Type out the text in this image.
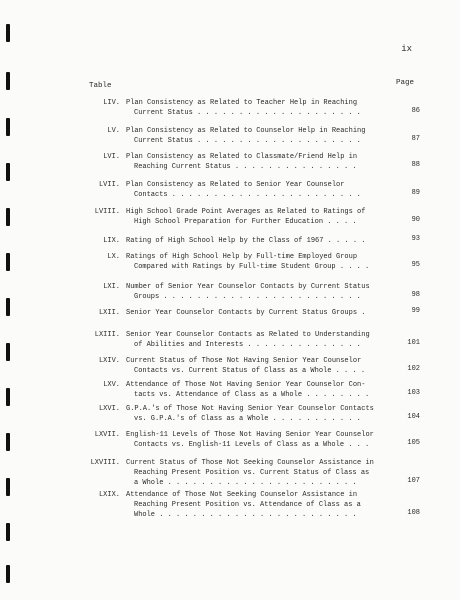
ix
Table	Page
LIV. Plan Consistency as Related to Teacher Help in Reaching
Current Status . . . . . . . . . . . . . . . . . . . .	86
LV. Plan Consistency as Related to Counselor Help in Reaching
Current Status . . . . . . . . . . . . . . . . . . . .	87
LVI. Plan Consistency as Related to Classmate/Friend Help in
Reaching Current Status . . . . . . . . . . . . . . .	88
LVII. Plan Consistency as Related to Senior Year Counselor
Contacts . . . . . . . . . . . . . . . . . . . . . . .	89
LVIII. High School Grade Point Averages as Related to Ratings of
High School Preparation for Further Education . . . .	90
LIX. Rating of High School Help by the Class of 1967 . . . . .	93
LX. Ratings of High School Help by Full-time Employed Group
Compared with Ratings by Full-time Student Group . . . .	95
LXI. Number of Senior Year Counselor Contacts by Current Status
Groups . . . . . . . . . . . . . . . . . . . . . . . .	98
LXII. Senior Year Counselor Contacts by Current Status Groups .	99
LXIII. Senior Year Counselor Contacts as Related to Understanding
of Abilities and Interests . . . . . . . . . . . . . .	101
LXIV. Current Status of Those Not Having Senior Year Counselor
Contacts vs. Current Status of Class as a Whole . . . .	102
LXV. Attendance of Those Not Having Senior Year Counselor Con-
tacts vs. Attendance of Class as a Whole . . . . . . . .	103
LXVI. G.P.A.'s of Those Not Having Senior Year Counselor Contacts
vs. G.P.A.'s of Class as a Whole . . . . . . . . . . .	104
LXVII. English-11 Levels of Those Not Having Senior Year Counselor
Contacts vs. English-11 Levels of Class as a Whole . . .	105
LXVIII. Current Status of Those Not Seeking Counselor Assistance in
Reaching Present Position vs. Current Status of Class as
a Whole . . . . . . . . . . . . . . . . . . . . . . .	107
LXIX. Attendance of Those Not Seeking Counselor Assistance in
Reaching Present Position vs. Attendance of Class as a
Whole . . . . . . . . . . . . . . . . . . . . . . . .	108
